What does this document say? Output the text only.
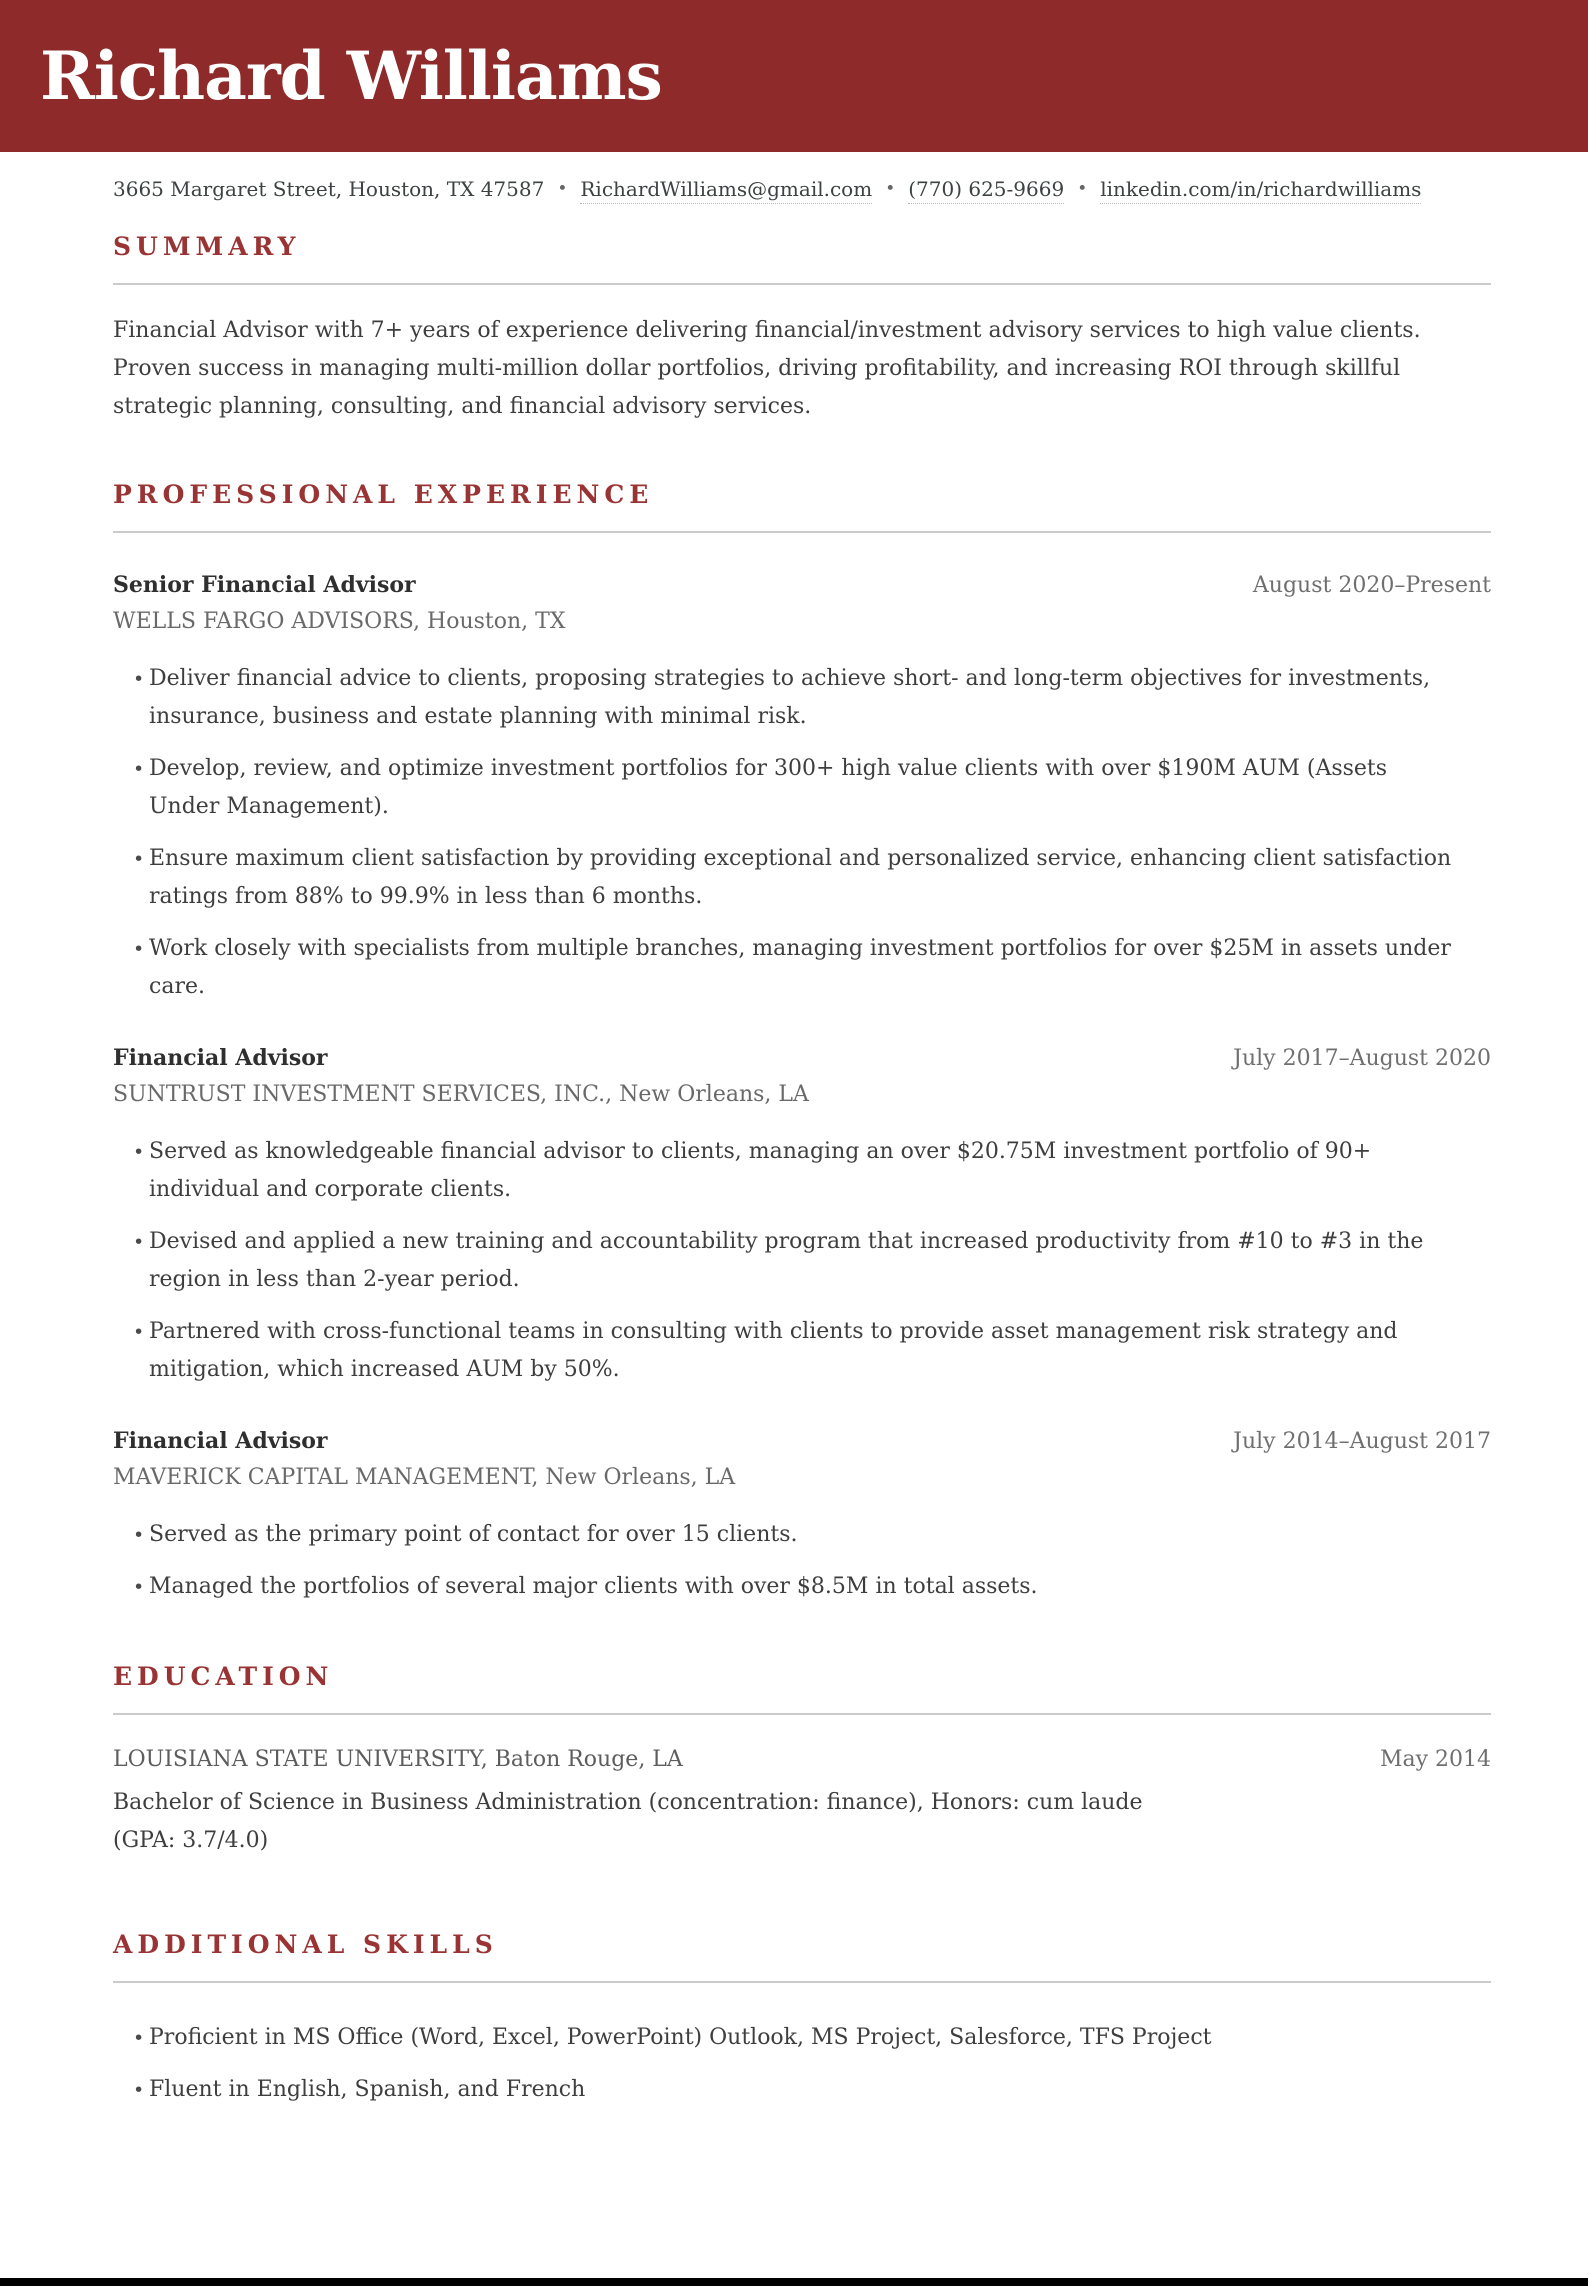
Richard Williams
3665 Margaret Street, Houston, TX 47587 • RichardWilliams@gmail.com • (770) 625-9669 • linkedin.com/in/richardwilliams
SUMMARY

Financial Advisor with 7+ years of experience delivering financial/investment advisory services to high value clients. Proven success in managing multi-million dollar portfolios, driving profitability, and increasing ROI through skillful strategic planning, consulting, and financial advisory services.

PROFESSIONAL EXPERIENCE
Senior Financial Advisor	August 2020–Present
WELLS FARGO ADVISORS, Houston, TX
• Deliver financial advice to clients, proposing strategies to achieve short- and long-term objectives for investments, insurance, business and estate planning with minimal risk.
• Develop, review, and optimize investment portfolios for 300+ high value clients with over $190M AUM (Assets Under Management).
• Ensure maximum client satisfaction by providing exceptional and personalized service, enhancing client satisfaction ratings from 88% to 99.9% in less than 6 months.
• Work closely with specialists from multiple branches, managing investment portfolios for over $25M in assets under care.
Financial Advisor	July 2017–August 2020
SUNTRUST INVESTMENT SERVICES, INC., New Orleans, LA
• Served as knowledgeable financial advisor to clients, managing an over $20.75M investment portfolio of 90+ individual and corporate clients.
• Devised and applied a new training and accountability program that increased productivity from #10 to #3 in the region in less than 2-year period.
• Partnered with cross-functional teams in consulting with clients to provide asset management risk strategy and mitigation, which increased AUM by 50%.
Financial Advisor	July 2014–August 2017
MAVERICK CAPITAL MANAGEMENT, New Orleans, LA
• Served as the primary point of contact for over 15 clients.
• Managed the portfolios of several major clients with over $8.5M in total assets.
EDUCATION
LOUISIANA STATE UNIVERSITY, Baton Rouge, LA	May 2014

Bachelor of Science in Business Administration (concentration: finance), Honors: cum laude (GPA: 3.7/4.0)

ADDITIONAL SKILLS
• Proficient in MS Office (Word, Excel, PowerPoint) Outlook, MS Project, Salesforce, TFS Project
• Fluent in English, Spanish, and French
